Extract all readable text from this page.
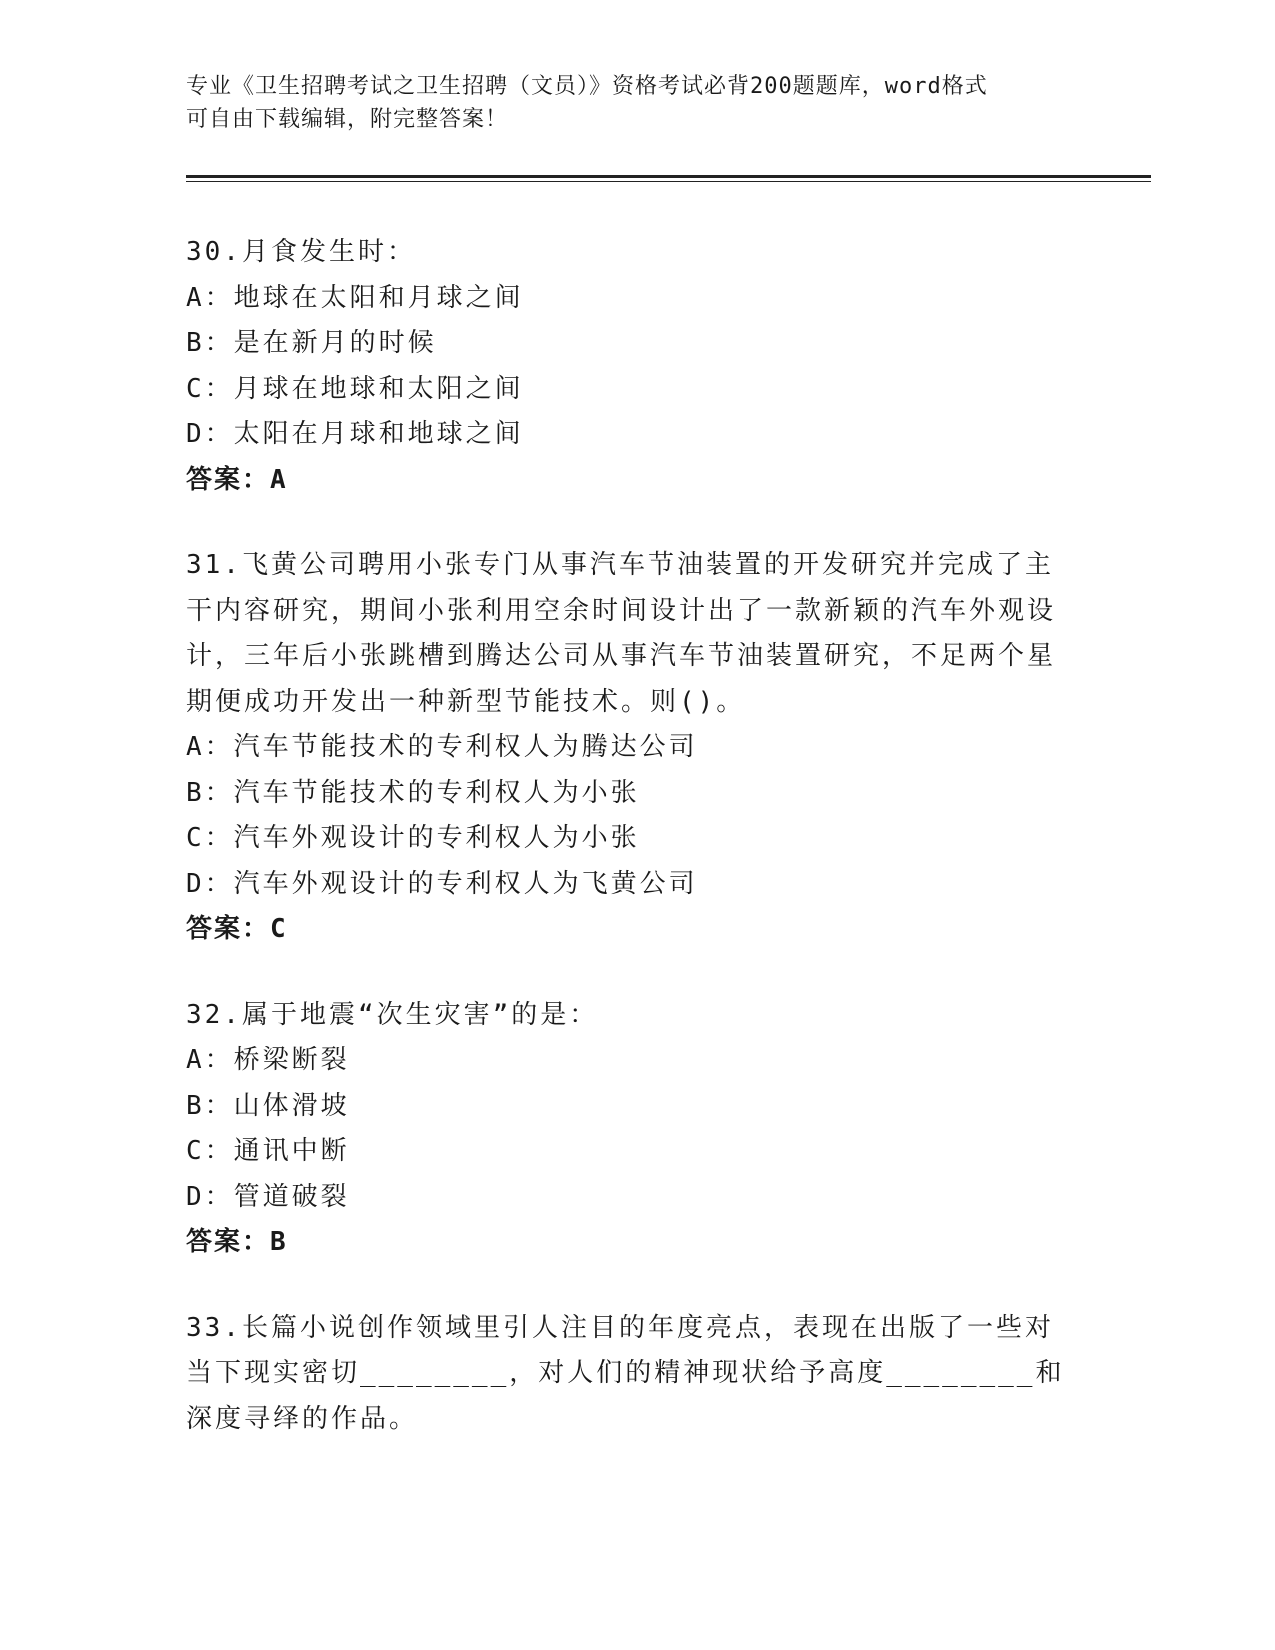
专业《卫生招聘考试之卫生招聘（文员）》资格考试必背200题题库，word格式
可自由下载编辑，附完整答案！

30.月食发生时：

A：地球在太阳和月球之间

B：是在新月的时候

C：月球在地球和太阳之间

D：太阳在月球和地球之间

答案：A

31.飞黄公司聘用小张专门从事汽车节油装置的开发研究并完成了主干内容研究，期间小张利用空余时间设计出了一款新颖的汽车外观设计，三年后小张跳槽到腾达公司从事汽车节油装置研究，不足两个星期便成功开发出一种新型节能技术。则()。

A：汽车节能技术的专利权人为腾达公司

B：汽车节能技术的专利权人为小张

C：汽车外观设计的专利权人为小张

D：汽车外观设计的专利权人为飞黄公司

答案：C

32.属于地震“次生灾害”的是：

A：桥梁断裂

B：山体滑坡

C：通讯中断

D：管道破裂

答案：B

33.长篇小说创作领域里引人注目的年度亮点，表现在出版了一些对当下现实密切________，对人们的精神现状给予高度________和深度寻绎的作品。
